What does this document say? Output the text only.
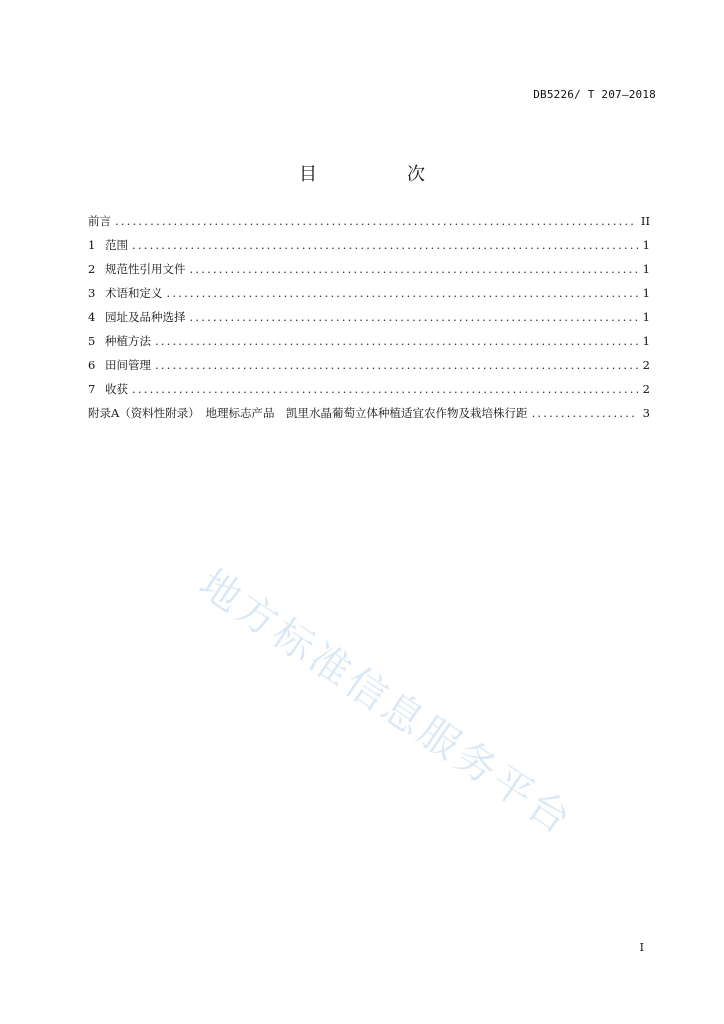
DB5226/ T 207—2018
目　次
前言 .....	II
1 范围 .....	1
2 规范性引用文件 .....	1
3 术语和定义 .....	1
4 园址及品种选择 .....	1
5 种植方法 .....	1
6 田间管理 .....	2
7 收获 .....	2
附录A（资料性附录）　地理标志产品　凯里水晶葡萄立体种植适宜农作物及栽培株行距 .....	3
地方标准信息服务平台
I
